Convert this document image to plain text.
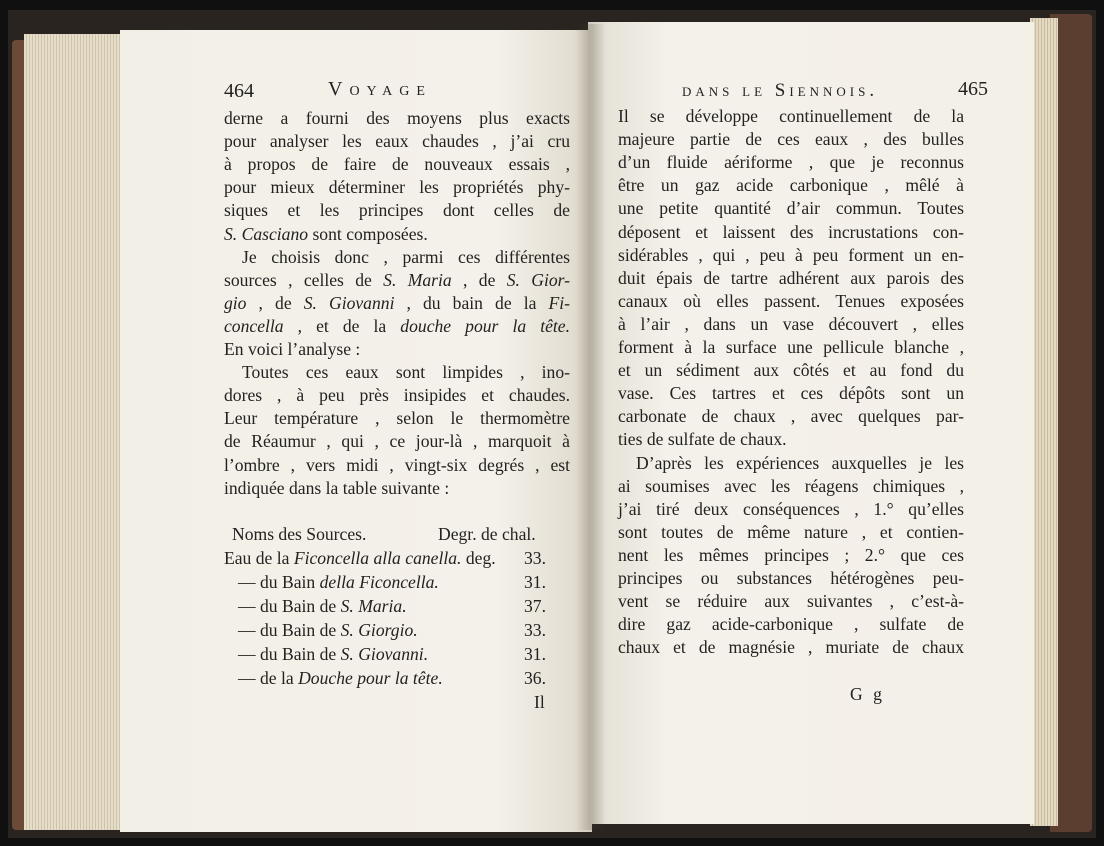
464	Voyage
derne a fourni des moyens plus exacts
pour analyser les eaux chaudes , j’ai cru
à propos de faire de nouveaux essais ,
pour mieux déterminer les propriétés phy-
siques et les principes dont celles de
S. Casciano sont composées.
Je choisis donc , parmi ces différentes
sources , celles de S. Maria , de S. Gior-
gio , de S. Giovanni , du bain de la Fi-
concella , et de la douche pour la tête.
En voici l’analyse :
Toutes ces eaux sont limpides , ino-
dores , à peu près insipides et chaudes.
Leur température , selon le thermomètre
de Réaumur , qui , ce jour-là , marquoit à
l’ombre , vers midi , vingt-six degrés , est
indiquée dans la table suivante :
Noms des Sources.	Degr. de chal.
Eau de la Ficoncella alla canella. deg. 33.
— du Bain della Ficoncella.	31.
— du Bain de S. Maria.	37.
— du Bain de S. Giorgio.	33.
— du Bain de S. Giovanni.	31.
— de la Douche pour la tête.	36.
Il
dans le Siennois.	465
Il se développe continuellement de la
majeure partie de ces eaux , des bulles
d’un fluide aériforme , que je reconnus
être un gaz acide carbonique , mêlé à
une petite quantité d’air commun. Toutes
déposent et laissent des incrustations con-
sidérables , qui , peu à peu forment un en-
duit épais de tartre adhérent aux parois des
canaux où elles passent. Tenues exposées
à l’air , dans un vase découvert , elles
forment à la surface une pellicule blanche ,
et un sédiment aux côtés et au fond du
vase. Ces tartres et ces dépôts sont un
carbonate de chaux , avec quelques par-
ties de sulfate de chaux.
D’après les expériences auxquelles je les
ai soumises avec les réagens chimiques ,
j’ai tiré deux conséquences , 1.° qu’elles
sont toutes de même nature , et contien-
nent les mêmes principes ; 2.° que ces
principes ou substances hétérogènes peu-
vent se réduire aux suivantes , c’est-à-
dire gaz acide-carbonique , sulfate de
chaux et de magnésie , muriate de chaux
G g
